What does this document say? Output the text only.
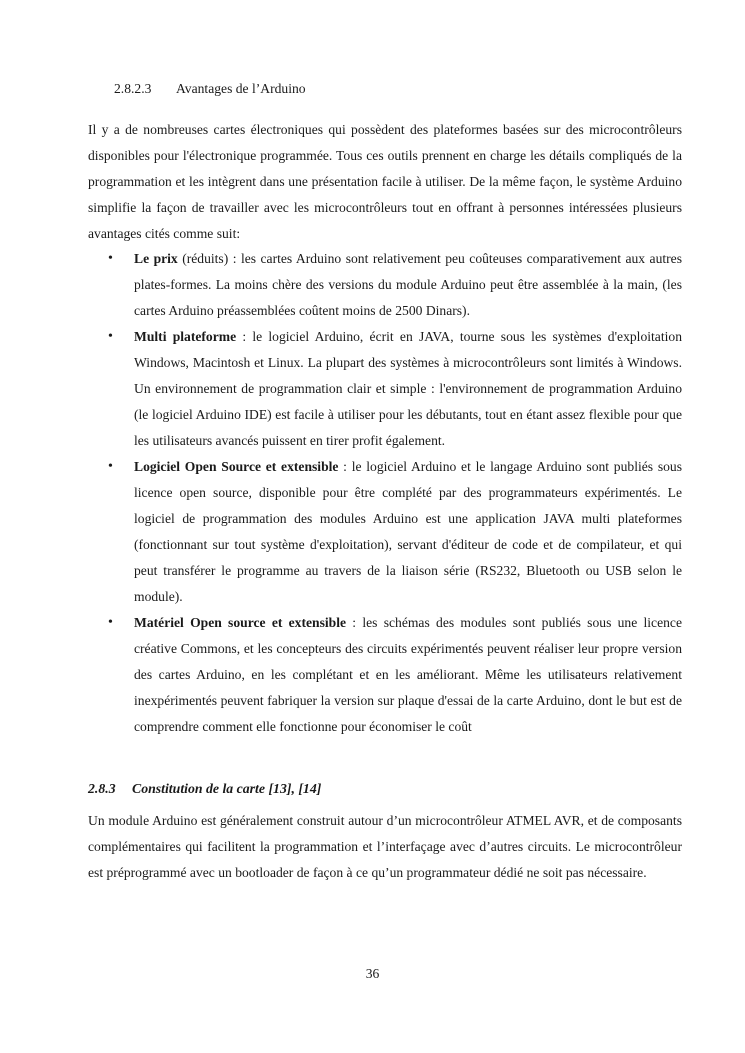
2.8.2.3 Avantages de l’Arduino
Il y a de nombreuses cartes électroniques qui possèdent des plateformes basées sur des microcontrôleurs disponibles pour l'électronique programmée. Tous ces outils prennent en charge les détails compliqués de la programmation et les intègrent dans une présentation facile à utiliser. De la même façon, le système Arduino simplifie la façon de travailler avec les microcontrôleurs tout en offrant à personnes intéressées plusieurs avantages cités comme suit:
• Le prix (réduits) : les cartes Arduino sont relativement peu coûteuses comparativement aux autres plates-formes. La moins chère des versions du module Arduino peut être assemblée à la main, (les cartes Arduino préassemblées coûtent moins de 2500 Dinars).
• Multi plateforme : le logiciel Arduino, écrit en JAVA, tourne sous les systèmes d'exploitation Windows, Macintosh et Linux. La plupart des systèmes à microcontrôleurs sont limités à Windows. Un environnement de programmation clair et simple : l'environnement de programmation Arduino (le logiciel Arduino IDE) est facile à utiliser pour les débutants, tout en étant assez flexible pour que les utilisateurs avancés puissent en tirer profit également.
• Logiciel Open Source et extensible : le logiciel Arduino et le langage Arduino sont publiés sous licence open source, disponible pour être complété par des programmateurs expérimentés. Le logiciel de programmation des modules Arduino est une application JAVA multi plateformes (fonctionnant sur tout système d'exploitation), servant d'éditeur de code et de compilateur, et qui peut transférer le programme au travers de la liaison série (RS232, Bluetooth ou USB selon le module).
• Matériel Open source et extensible : les schémas des modules sont publiés sous une licence créative Commons, et les concepteurs des circuits expérimentés peuvent réaliser leur propre version des cartes Arduino, en les complétant et en les améliorant. Même les utilisateurs relativement inexpérimentés peuvent fabriquer la version sur plaque d'essai de la carte Arduino, dont le but est de comprendre comment elle fonctionne pour économiser le coût
2.8.3 Constitution de la carte [13], [14]
Un module Arduino est généralement construit autour d’un microcontrôleur ATMEL AVR, et de composants complémentaires qui facilitent la programmation et l’interfaçage avec d’autres circuits. Le microcontrôleur est préprogrammé avec un bootloader de façon à ce qu’un programmateur dédié ne soit pas nécessaire.
36
